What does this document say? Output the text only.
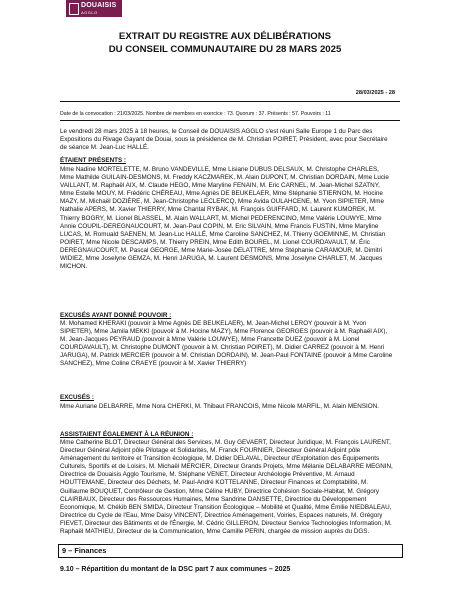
DOUAISIS
AGGLO
EXTRAIT DU REGISTRE AUX DÉLIBÉRATIONS
DU CONSEIL COMMUNAUTAIRE DU 28 MARS 2025
28/03/2025 - 28
Date de la convocation : 21/03/2025. Nombre de membres en exercice : 73. Quorum : 37. Présents : 57. Pouvoirs : 11
Le vendredi 28 mars 2025 à 18 heures, le Conseil de DOUAISIS AGGLO s'est réuni Salle Europe 1 du Parc des Expositions du Rivage Gayant de Douai, sous la présidence de M. Christian POIRET, Président, avec pour Secrétaire de séance M. Jean-Luc HALLÉ.
ÉTAIENT PRÉSENTS :
Mme Nadine MORTELETTE, M. Bruno VANDEVILLE, Mme Lisiane DUBUS DELSAUX, M. Christophe CHARLES, Mme Mathilde GUILAIN-DESMONS, M. Freddy KACZMAREK, M. Alain DUPONT, M. Christian DORDAIN, Mme Lucie VAILLANT, M. Raphaël AIX, M. Claude HEGO, Mme Maryline FENAIN, M. Eric CARNEL, M. Jean-Michel SZATNY, Mme Estelle MOUY, M. Frédéric CHÉREAU, Mme Agnès DE BEUKELAER, Mme Stéphanie STIERNON, M. Hocine MAZY, M. Michaël DOZIÈRE, M. Jean-Christophe LECLERCQ, Mme Avida OULAHCENE, M. Yvon SIPIETER, Mme Nathalie APERS, M. Xavier THIERRY, Mme Chantal RYBAK, M. François GUIFFARD, M. Laurent KUMOREK, M. Thierry BOGRY, M. Lionel BLASSEL, M. Alain WALLART, M. Michel PEDERENCINO, Mme Valérie LOUWYE, Mme Annie COUPIL-DEREGNAUCOURT, M. Jean-Paul COPIN, M. Eric SILVAIN, Mme Francis FUSTIN, Mme Maryline LUCAS, M. Romuald SAENEN, M. Jean-Luc HALLÉ, Mme Caroline SANCHEZ, M. Thierry GOEMINNE, M. Christian POIRET, Mme Nicole DESCAMPS, M. Thierry PREIN, Mme Edith BOUREL, M. Lionel COURDAVAULT, M. Éric DEREGNAUCOURT, M. Pascal GEORGE, Mme Marie-Josée DELATTRE, Mme Stéphanie CARAMOUR, M. Dimitri WIDIEZ, Mme Joselyne GEMZA, M. Henri JARUGA, M. Laurent DESMONS, Mme Joselyne CHARLET, M. Jacques MICHON.
EXCUSÉS AYANT DONNÉ POUVOIR :
M. Mohamed KHERAKI (pouvoir à Mme Agnès DE BEUKELAER), M. Jean-Michel LEROY (pouvoir à M. Yvon SIPIETER), Mme Jamila MEKKI (pouvoir à M. Hocine MAZY), Mme Florence GEORGES (pouvoir à M. Raphaël AIX), M. Jean-Jacques PEYRAUD (pouvoir à Mme Valérie LOUWYE), Mme Francette DUEZ (pouvoir à M. Lionel COURDAVAULT), M. Christophe DUMONT (pouvoir à M. Christian POIRET), M. Didier CARREZ (pouvoir à M. Henri JARUGA), M. Patrick MERCIER (pouvoir à M. Christian DORDAIN), M. Jean-Paul FONTAINE (pouvoir à Mme Caroline SANCHEZ), Mme Coline CRAEYE (pouvoir à M. Xavier THIERRY)
EXCUSÉS :
Mme Auriane DELBARRE, Mme Nora CHERKI, M. Thibaut FRANCOIS, Mme Nicole MARFIL, M. Alain MENSION.
ASSISTAIENT ÉGALEMENT À LA RÉUNION :
Mme Catherine BLOT, Directeur Général des Services, M. Guy GEVAERT, Directeur Juridique, M. François LAURENT, Directeur Général Adjoint pôle Pilotage et Solidarités, M. Franck FOURNIER, Directeur Général Adjoint pôle Aménagement du territoire et Transition écologique, M. Didier DELAVAL, Directeur d'Exploitation des Équipements Culturels, Sportifs et de Loisirs, M. Michaël MERCIER, Directeur Grands Projets, Mme Mélanie DELABARRE MEGNIN, Directrice de Douaisis Agglo Tourisme, M. Stéphane VENET, Directeur Archéologie Préventive, M. Arnaud HOUTTEMANE, Directeur des Déchets, M. Paul-André KOTTELANNE, Directeur Finances et Comptabilité, M. Guillaume BOUQUET, Contrôleur de Gestion, Mme Céline HUBY, Directrice Cohésion Sociale-Habitat, M. Grégory CLAIRBAUX, Directeur des Ressources Humaines, Mme Sandrine DANSETTE, Directrice du Développement Economique, M. Chékib BEN SMIDA, Directeur Transition Écologique – Mobilité et Qualité, Mme Émilie NIEDBALEAU, Directrice du Cycle de l'Eau, Mme Daisy VINCENT, Directrice Aménagement, Voiries, Espaces naturels, M. Grégory FIEVET, Directeur des Bâtiments et de l'Énergie, M. Cédric GILLERON, Directeur Service Technologies Information, M. Raphaël MATHIEU, Directeur de la Communication, Mme Camille PERIN, chargée de mission auprès du DGS.
9 – Finances
9.10 – Répartition du montant de la DSC part 7 aux communes – 2025
